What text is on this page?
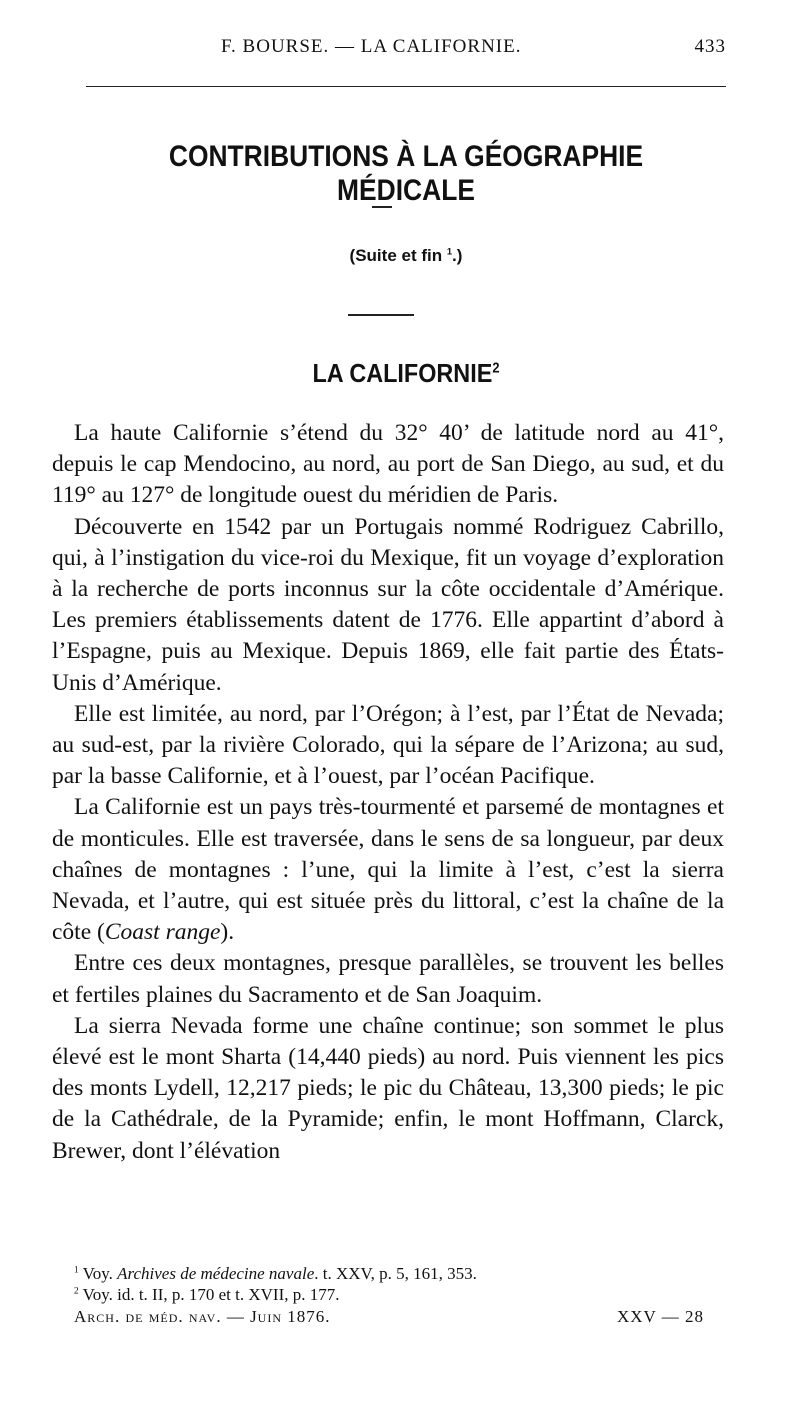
F. BOURSE. — LA CALIFORNIE.	433
CONTRIBUTIONS À LA GÉOGRAPHIE MÉDICALE
(Suite et fin $^1$.)
LA CALIFORNIE$^2$

La haute Californie s’étend du 32° 40’ de latitude nord au 41°, depuis le cap Mendocino, au nord, au port de San Diego, au sud, et du 119° au 127° de longitude ouest du méridien de Paris.

Découverte en 1542 par un Portugais nommé Rodriguez Cabrillo, qui, à l’instigation du vice-roi du Mexique, fit un voyage d’exploration à la recherche de ports inconnus sur la côte occidentale d’Amérique. Les premiers établissements datent de 1776. Elle appartint d’abord à l’Espagne, puis au Mexique. Depuis 1869, elle fait partie des États-Unis d’Amérique.

Elle est limitée, au nord, par l’Orégon; à l’est, par l’État de Nevada; au sud-est, par la rivière Colorado, qui la sépare de l’Arizona; au sud, par la basse Californie, et à l’ouest, par l’océan Pacifique.

La Californie est un pays très-tourmenté et parsemé de montagnes et de monticules. Elle est traversée, dans le sens de sa longueur, par deux chaînes de montagnes : l’une, qui la limite à l’est, c’est la sierra Nevada, et l’autre, qui est située près du littoral, c’est la chaîne de la côte (Coast range).

Entre ces deux montagnes, presque parallèles, se trouvent les belles et fertiles plaines du Sacramento et de San Joaquim.

La sierra Nevada forme une chaîne continue; son sommet le plus élevé est le mont Sharta (14,440 pieds) au nord. Puis viennent les pics des monts Lydell, 12,217 pieds; le pic du Château, 13,300 pieds; le pic de la Cathédrale, de la Pyramide; enfin, le mont Hoffmann, Clarck, Brewer, dont l’élévation

$^1$ Voy. Archives de médecine navale. t. XXV, p. 5, 161, 353.
$^2$ Voy. id. t. II, p. 170 et t. XVII, p. 177.
Arch. de méd. nav. — Juin 1876.	XXV — 28
